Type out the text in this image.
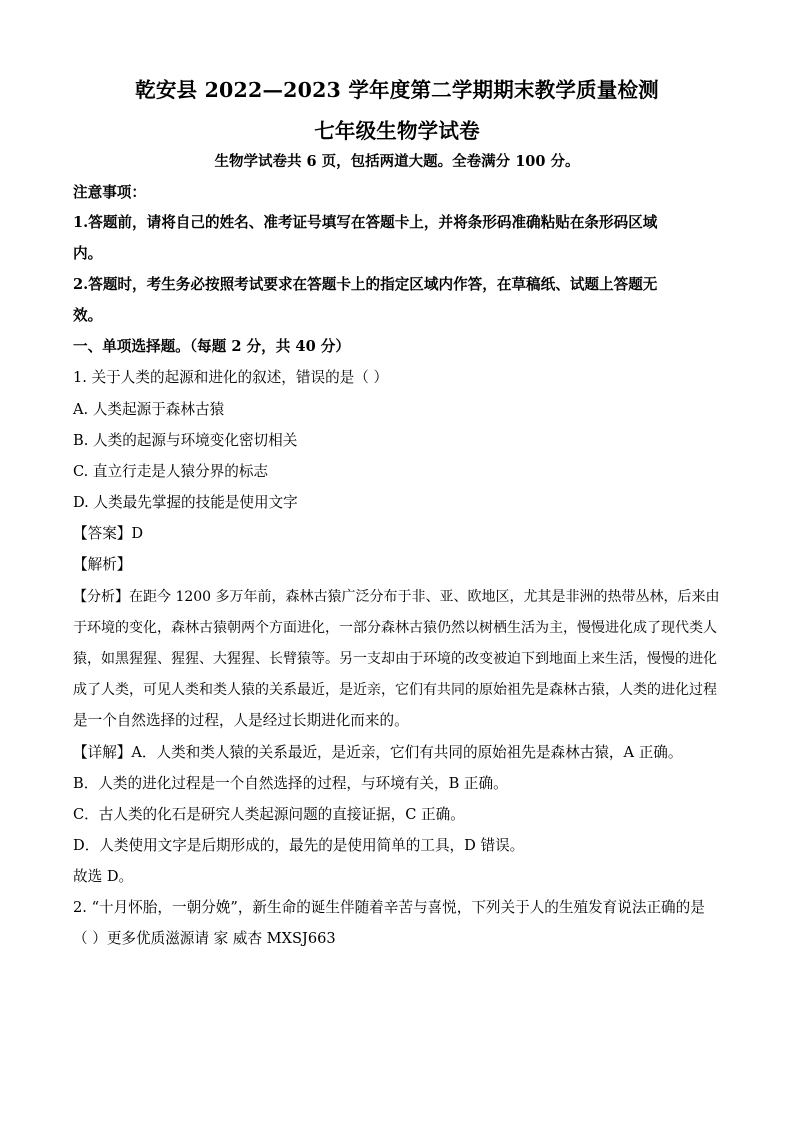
乾安县 2022—2023 学年度第二学期期末教学质量检测
七年级生物学试卷
生物学试卷共 6 页，包括两道大题。全卷满分 100 分。
注意事项：
1.答题前，请将自己的姓名、准考证号填写在答题卡上，并将条形码准确粘贴在条形码区域
内。
2.答题时，考生务必按照考试要求在答题卡上的指定区域内作答，在草稿纸、试题上答题无
效。
一、单项选择题。（每题 2 分，共 40 分）
1. 关于人类的起源和进化的叙述，错误的是（ ）
A. 人类起源于森林古猿
B. 人类的起源与环境变化密切相关
C. 直立行走是人猿分界的标志
D. 人类最先掌握的技能是使用文字
【答案】D
【解析】
【分析】在距今 1200 多万年前，森林古猿广泛分布于非、亚、欧地区，尤其是非洲的热带丛林，后来由
于环境的变化，森林古猿朝两个方面进化，一部分森林古猿仍然以树栖生活为主，慢慢进化成了现代类人
猿，如黑猩猩、猩猩、大猩猩、长臂猿等。另一支却由于环境的改变被迫下到地面上来生活，慢慢的进化
成了人类，可见人类和类人猿的关系最近，是近亲，它们有共同的原始祖先是森林古猿，人类的进化过程
是一个自然选择的过程，人是经过长期进化而来的。
【详解】A．人类和类人猿的关系最近，是近亲，它们有共同的原始祖先是森林古猿，A 正确。
B．人类的进化过程是一个自然选择的过程，与环境有关，B 正确。
C．古人类的化石是研究人类起源问题的直接证据，C 正确。
D．人类使用文字是后期形成的，最先的是使用简单的工具，D 错误。
故选 D。
2. “十月怀胎，一朝分娩”，新生命的诞生伴随着辛苦与喜悦，下列关于人的生殖发育说法正确的是
（ ）更多优质滋源请 家 威杏 MXSJ663
